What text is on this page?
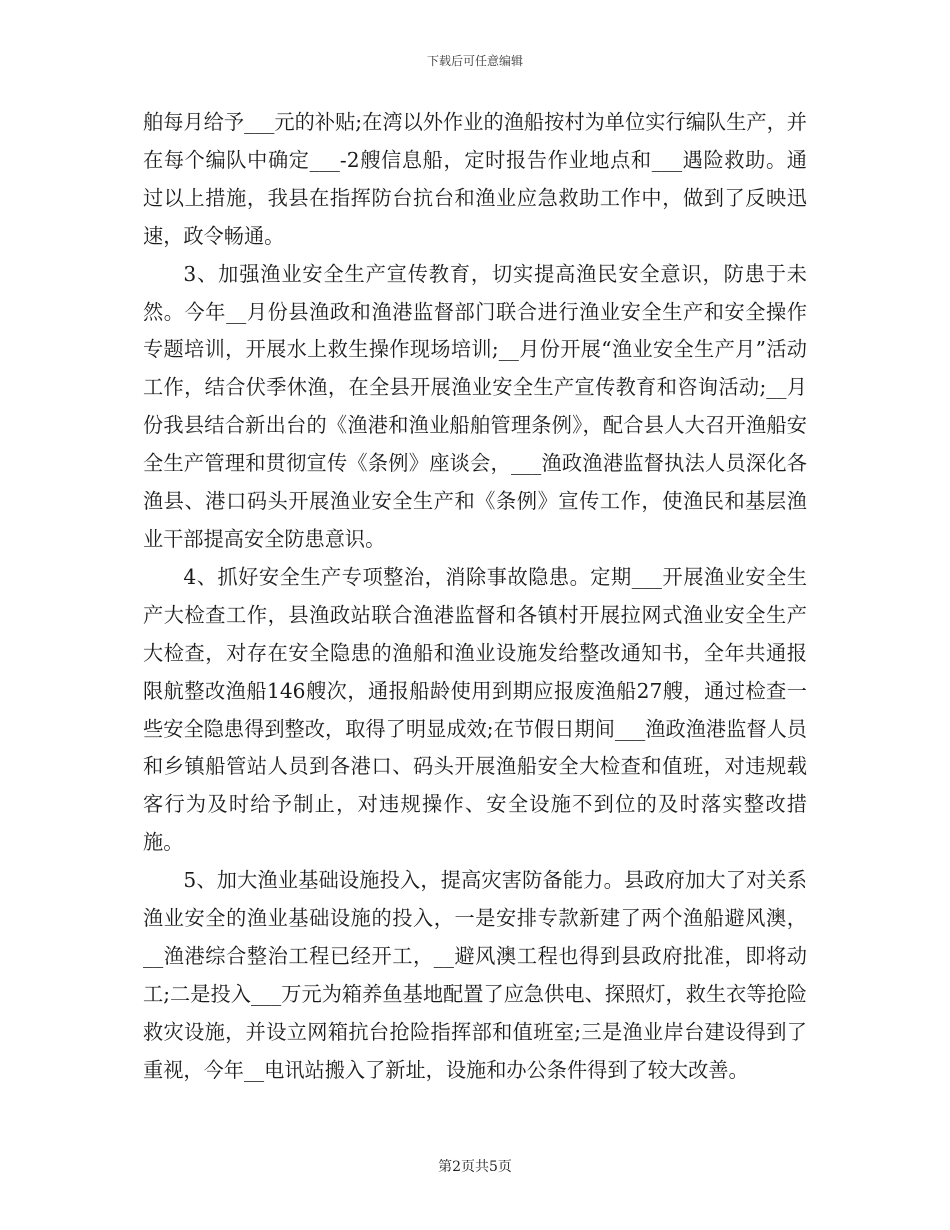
下载后可任意编辑

舶每月给予___元的补贴;在湾以外作业的渔船按村为单位实行编队生产，并在每个编队中确定___-2艘信息船，定时报告作业地点和___遇险救助。通过以上措施，我县在指挥防台抗台和渔业应急救助工作中，做到了反映迅速，政令畅通。

3、加强渔业安全生产宣传教育，切实提高渔民安全意识，防患于未然。今年__月份县渔政和渔港监督部门联合进行渔业安全生产和安全操作专题培训，开展水上救生操作现场培训;__月份开展“渔业安全生产月”活动工作，结合伏季休渔，在全县开展渔业安全生产宣传教育和咨询活动;__月份我县结合新出台的《渔港和渔业船舶管理条例》，配合县人大召开渔船安全生产管理和贯彻宣传《条例》座谈会，___渔政渔港监督执法人员深化各渔县、港口码头开展渔业安全生产和《条例》宣传工作，使渔民和基层渔业干部提高安全防患意识。

4、抓好安全生产专项整治，消除事故隐患。定期___开展渔业安全生产大检查工作，县渔政站联合渔港监督和各镇村开展拉网式渔业安全生产大检查，对存在安全隐患的渔船和渔业设施发给整改通知书，全年共通报限航整改渔船146艘次，通报船龄使用到期应报废渔船27艘，通过检查一些安全隐患得到整改，取得了明显成效;在节假日期间___渔政渔港监督人员和乡镇船管站人员到各港口、码头开展渔船安全大检查和值班，对违规载客行为及时给予制止，对违规操作、安全设施不到位的及时落实整改措施。

5、加大渔业基础设施投入，提高灾害防备能力。县政府加大了对关系渔业安全的渔业基础设施的投入，一是安排专款新建了两个渔船避风澳，__渔港综合整治工程已经开工，__避风澳工程也得到县政府批准，即将动工;二是投入___万元为箱养鱼基地配置了应急供电、探照灯，救生衣等抢险救灾设施，并设立网箱抗台抢险指挥部和值班室;三是渔业岸台建设得到了重视，今年__电讯站搬入了新址，设施和办公条件得到了较大改善。

第2页共5页
